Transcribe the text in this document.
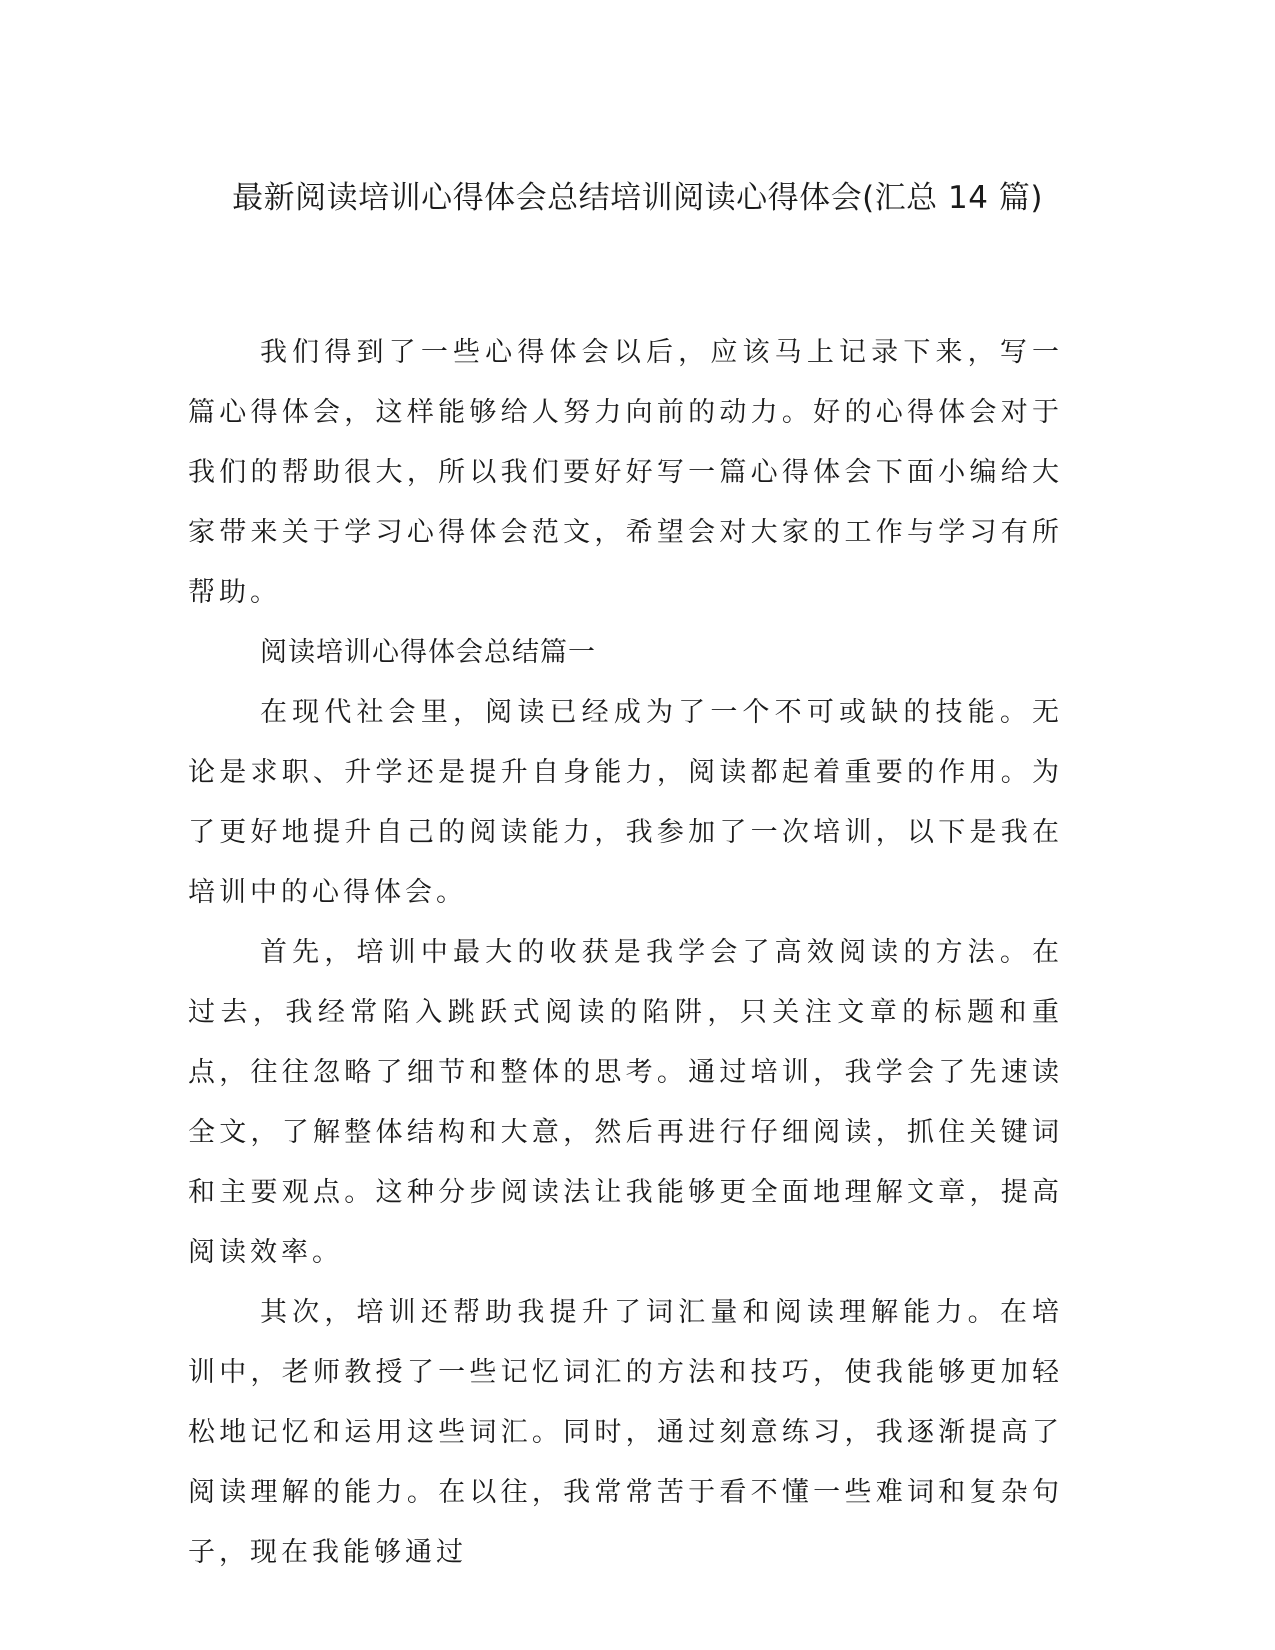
最新阅读培训心得体会总结培训阅读心得体会(汇总 14 篇)

我们得到了一些心得体会以后，应该马上记录下来，写一篇心得体会，这样能够给人努力向前的动力。好的心得体会对于我们的帮助很大，所以我们要好好写一篇心得体会下面小编给大家带来关于学习心得体会范文，希望会对大家的工作与学习有所帮助。

阅读培训心得体会总结篇一

在现代社会里，阅读已经成为了一个不可或缺的技能。无论是求职、升学还是提升自身能力，阅读都起着重要的作用。为了更好地提升自己的阅读能力，我参加了一次培训，以下是我在培训中的心得体会。

首先，培训中最大的收获是我学会了高效阅读的方法。在过去，我经常陷入跳跃式阅读的陷阱，只关注文章的标题和重点，往往忽略了细节和整体的思考。通过培训，我学会了先速读全文，了解整体结构和大意，然后再进行仔细阅读，抓住关键词和主要观点。这种分步阅读法让我能够更全面地理解文章，提高阅读效率。

其次，培训还帮助我提升了词汇量和阅读理解能力。在培训中，老师教授了一些记忆词汇的方法和技巧，使我能够更加轻松地记忆和运用这些词汇。同时，通过刻意练习，我逐渐提高了阅读理解的能力。在以往，我常常苦于看不懂一些难词和复杂句子，现在我能够通过
